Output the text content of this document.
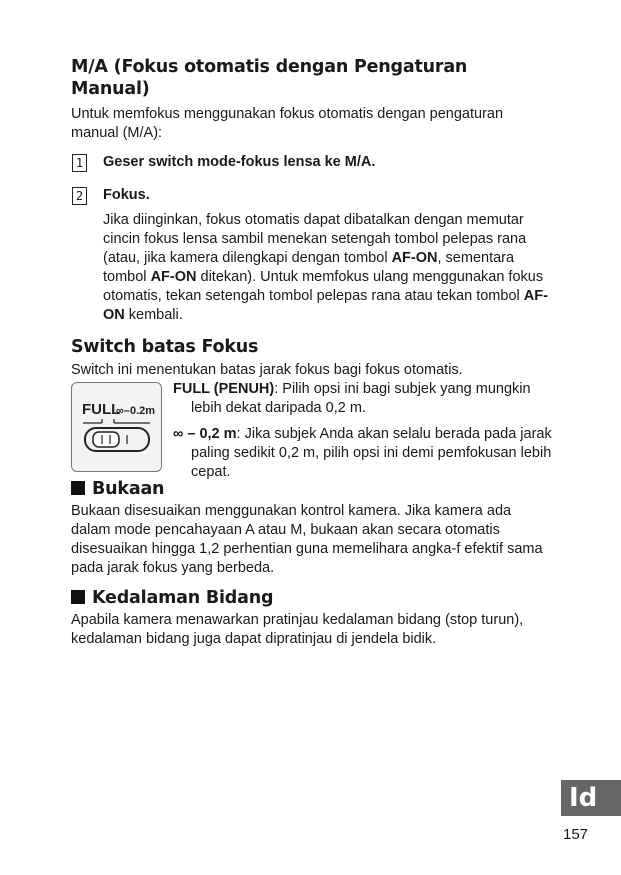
M/A (Fokus otomatis dengan Pengaturan Manual)

Untuk memfokus menggunakan fokus otomatis dengan pengaturan manual (M/A):

1 Geser switch mode-fokus lensa ke M/A.
2 Fokus.
Jika diinginkan, fokus otomatis dapat dibatalkan dengan memutar cincin fokus lensa sambil menekan setengah tombol pelepas rana (atau, jika kamera dilengkapi dengan tombol AF-ON, sementara tombol AF-ON ditekan). Untuk memfokus ulang menggunakan fokus otomatis, tekan setengah tombol pelepas rana atau tekan tombol AF-ON kembali.
Switch batas Fokus

Switch ini menentukan batas jarak fokus bagi fokus otomatis.

FULL
∞–0.2m

FULL (PENUH): Pilih opsi ini bagi subjek yang mungkin lebih dekat daripada 0,2 m.

∞ – 0,2 m: Jika subjek Anda akan selalu berada pada jarak paling sedikit 0,2 m, pilih opsi ini demi pemfokusan lebih cepat.

Bukaan

Bukaan disesuaikan menggunakan kontrol kamera. Jika kamera ada dalam mode pencahayaan A atau M, bukaan akan secara otomatis disesuaikan hingga 1,2 perhentian guna memelihara angka-f efektif sama pada jarak fokus yang berbeda.

Kedalaman Bidang

Apabila kamera menawarkan pratinjau kedalaman bidang (stop turun), kedalaman bidang juga dapat dipratinjau di jendela bidik.

Id
157
